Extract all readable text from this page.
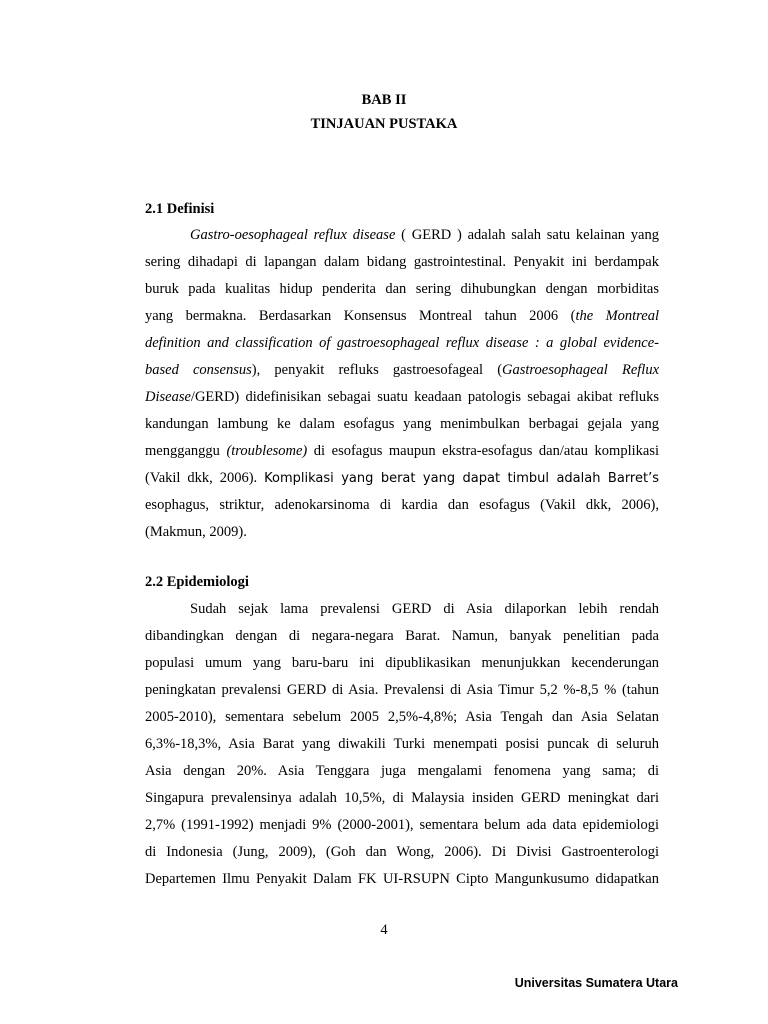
BAB II
TINJAUAN PUSTAKA
2.1 Definisi
Gastro-oesophageal reflux disease ( GERD ) adalah salah satu kelainan yang
sering dihadapi di lapangan dalam bidang gastrointestinal. Penyakit ini berdampak
buruk pada kualitas hidup penderita dan sering dihubungkan dengan morbiditas
yang bermakna. Berdasarkan Konsensus Montreal tahun 2006 (the Montreal
definition and classification of gastroesophageal reflux disease : a global evidence-
based consensus), penyakit refluks gastroesofageal (Gastroesophageal Reflux
Disease/GERD) didefinisikan sebagai suatu keadaan patologis sebagai akibat refluks
kandungan lambung ke dalam esofagus yang menimbulkan berbagai gejala yang
mengganggu (troublesome) di esofagus maupun ekstra-esofagus dan/atau komplikasi
(Vakil dkk, 2006). Komplikasi yang berat yang dapat timbul adalah Barret’s
esophagus, striktur, adenokarsinoma di kardia dan esofagus (Vakil dkk, 2006),
(Makmun, 2009).
2.2 Epidemiologi
Sudah sejak lama prevalensi GERD di Asia dilaporkan lebih rendah
dibandingkan dengan di negara-negara Barat. Namun, banyak penelitian pada
populasi umum yang baru-baru ini dipublikasikan menunjukkan kecenderungan
peningkatan prevalensi GERD di Asia. Prevalensi di Asia Timur 5,2 %-8,5 % (tahun
2005-2010), sementara sebelum 2005 2,5%-4,8%; Asia Tengah dan Asia Selatan
6,3%-18,3%, Asia Barat yang diwakili Turki menempati posisi puncak di seluruh
Asia dengan 20%. Asia Tenggara juga mengalami fenomena yang sama; di
Singapura prevalensinya adalah 10,5%, di Malaysia insiden GERD meningkat dari
2,7% (1991-1992) menjadi 9% (2000-2001), sementara belum ada data epidemiologi
di Indonesia (Jung, 2009), (Goh dan Wong, 2006). Di Divisi Gastroenterologi
Departemen Ilmu Penyakit Dalam FK UI-RSUPN Cipto Mangunkusumo didapatkan

4

Universitas Sumatera Utara
